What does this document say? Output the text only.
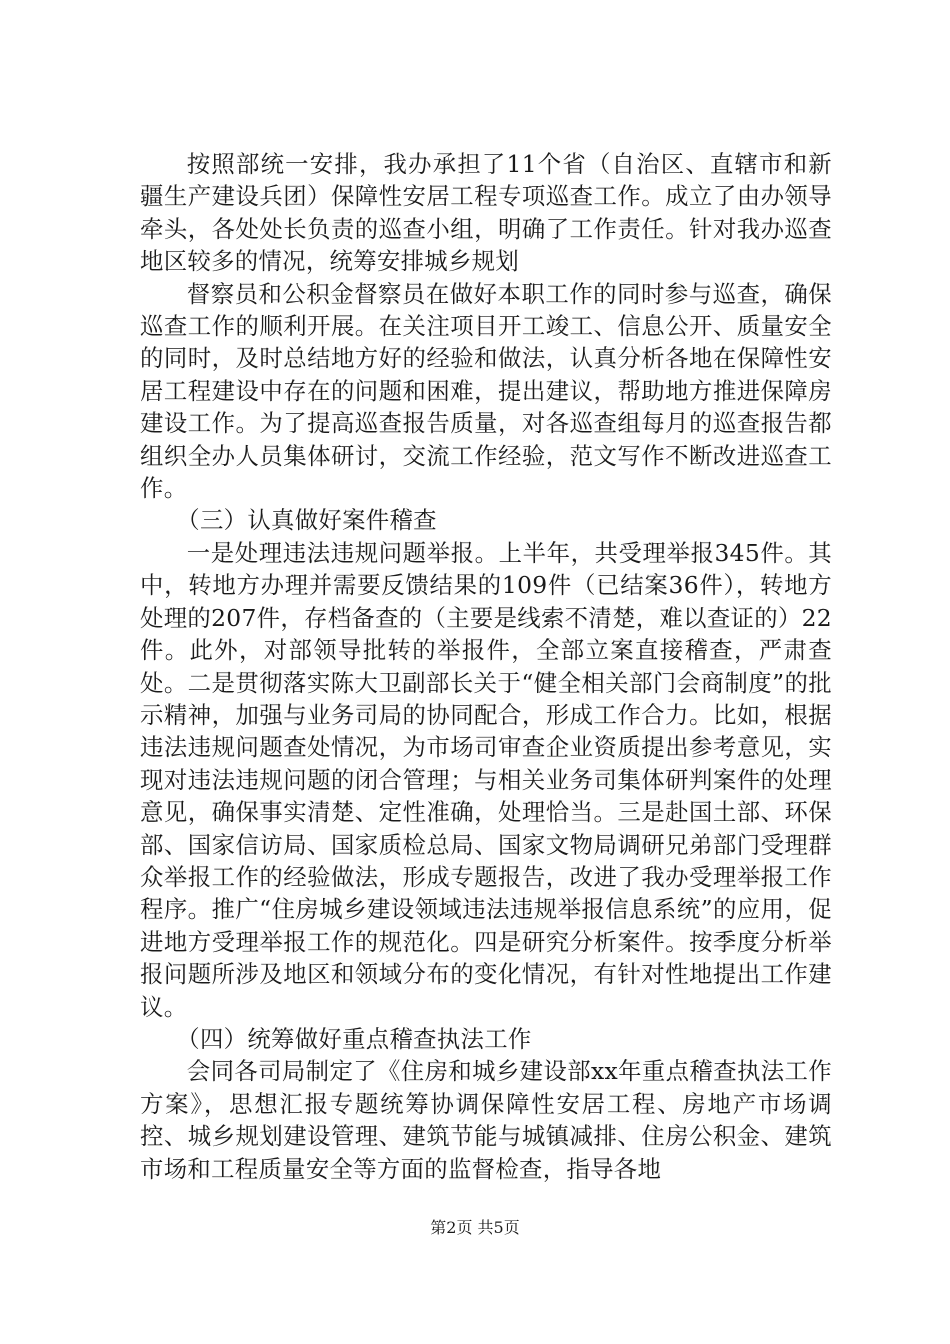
按照部统一安排，我办承担了11个省（自治区、直辖市和新疆生产建设兵团）保障性安居工程专项巡查工作。成立了由办领导牵头，各处处长负责的巡查小组，明确了工作责任。针对我办巡查地区较多的情况，统筹安排城乡规划

督察员和公积金督察员在做好本职工作的同时参与巡查，确保巡查工作的顺利开展。在关注项目开工竣工、信息公开、质量安全的同时，及时总结地方好的经验和做法，认真分析各地在保障性安居工程建设中存在的问题和困难，提出建议，帮助地方推进保障房建设工作。为了提高巡查报告质量，对各巡查组每月的巡查报告都组织全办人员集体研讨，交流工作经验，范文写作不断改进巡查工作。

（三）认真做好案件稽查

一是处理违法违规问题举报。上半年，共受理举报345件。其中，转地方办理并需要反馈结果的109件（已结案36件），转地方处理的207件，存档备查的（主要是线索不清楚，难以查证的）22件。此外，对部领导批转的举报件，全部立案直接稽查，严肃查处。二是贯彻落实陈大卫副部长关于“健全相关部门会商制度”的批示精神，加强与业务司局的协同配合，形成工作合力。比如，根据违法违规问题查处情况，为市场司审查企业资质提出参考意见，实现对违法违规问题的闭合管理；与相关业务司集体研判案件的处理意见，确保事实清楚、定性准确，处理恰当。三是赴国土部、环保部、国家信访局、国家质检总局、国家文物局调研兄弟部门受理群众举报工作的经验做法，形成专题报告，改进了我办受理举报工作程序。推广“住房城乡建设领域违法违规举报信息系统”的应用，促进地方受理举报工作的规范化。四是研究分析案件。按季度分析举报问题所涉及地区和领域分布的变化情况，有针对性地提出工作建议。

（四）统筹做好重点稽查执法工作

会同各司局制定了《住房和城乡建设部xx年重点稽查执法工作方案》，思想汇报专题统筹协调保障性安居工程、房地产市场调控、城乡规划建设管理、建筑节能与城镇减排、住房公积金、建筑市场和工程质量安全等方面的监督检查，指导各地

第2页 共5页
